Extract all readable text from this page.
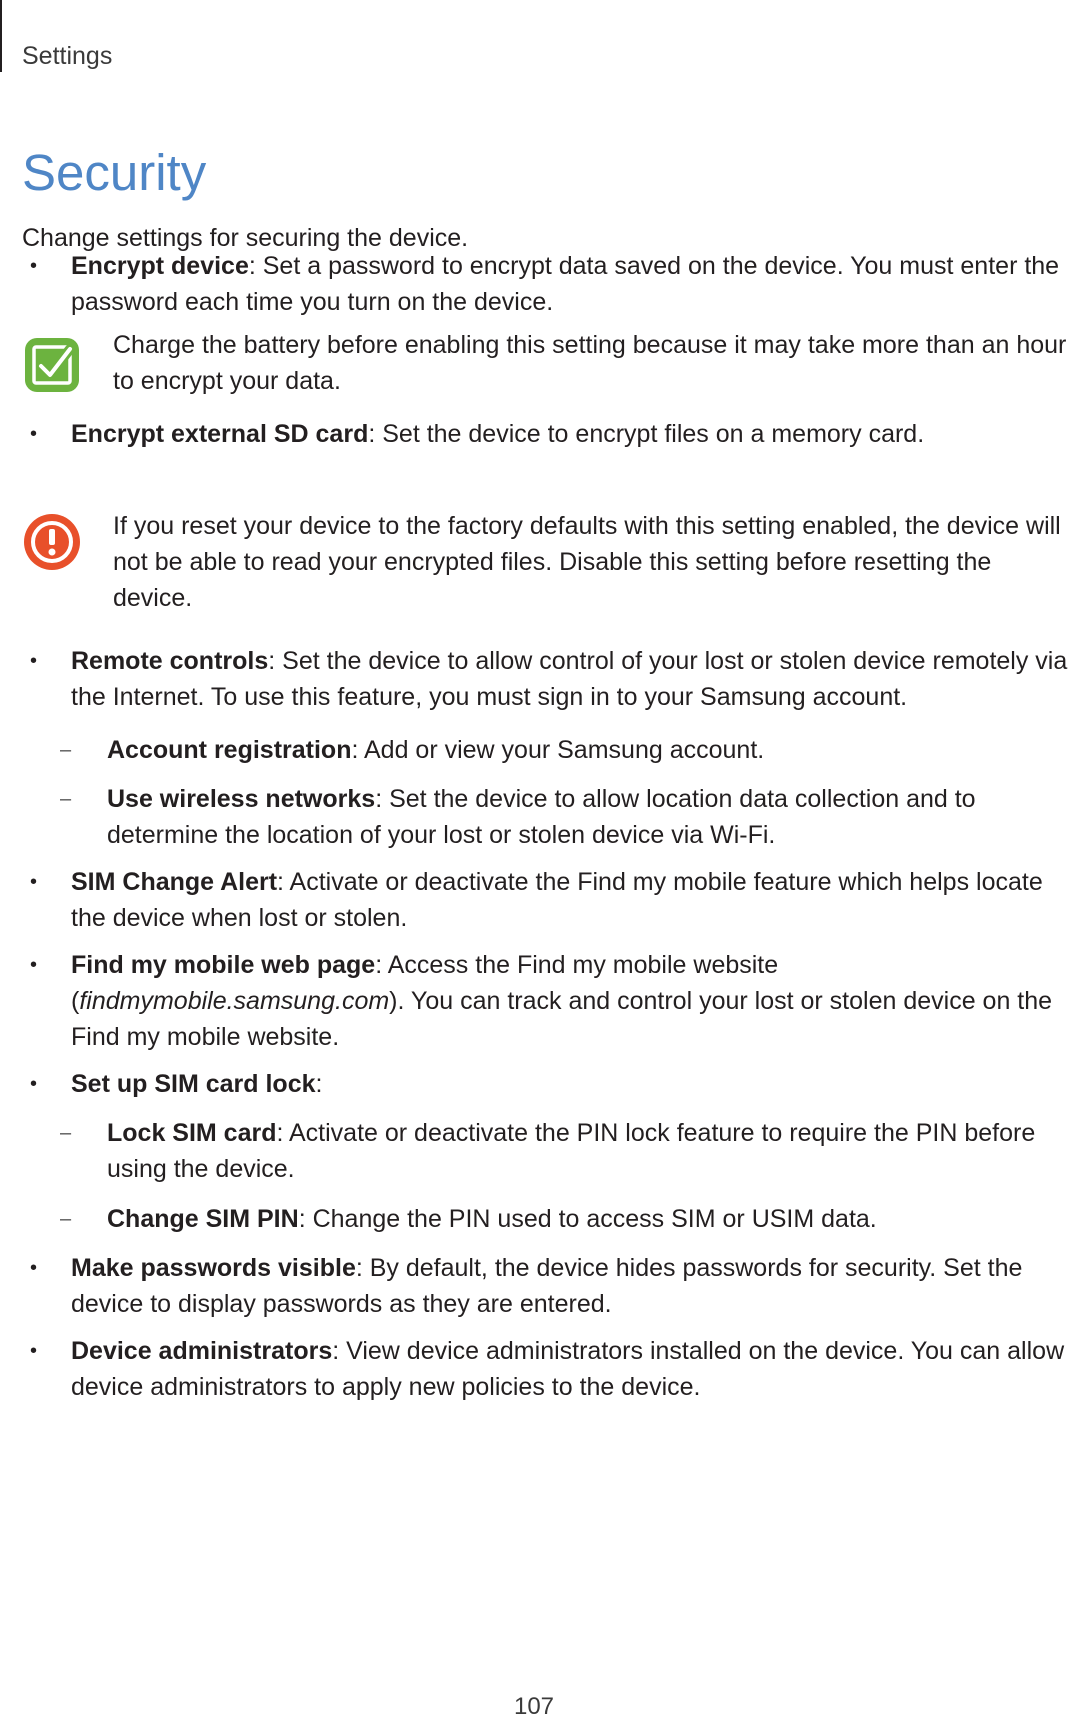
Settings
Security
Change settings for securing the device.
• Encrypt device: Set a password to encrypt data saved on the device. You must enter the password each time you turn on the device.
Charge the battery before enabling this setting because it may take more than an hour to encrypt your data.
• Encrypt external SD card: Set the device to encrypt files on a memory card.
If you reset your device to the factory defaults with this setting enabled, the device will not be able to read your encrypted files. Disable this setting before resetting the device.
• Remote controls: Set the device to allow control of your lost or stolen device remotely via the Internet. To use this feature, you must sign in to your Samsung account.
– Account registration: Add or view your Samsung account.
– Use wireless networks: Set the device to allow location data collection and to determine the location of your lost or stolen device via Wi-Fi.
• SIM Change Alert: Activate or deactivate the Find my mobile feature which helps locate the device when lost or stolen.
• Find my mobile web page: Access the Find my mobile website (findmymobile.samsung.com). You can track and control your lost or stolen device on the Find my mobile website.
• Set up SIM card lock:
– Lock SIM card: Activate or deactivate the PIN lock feature to require the PIN before using the device.
– Change SIM PIN: Change the PIN used to access SIM or USIM data.
• Make passwords visible: By default, the device hides passwords for security. Set the device to display passwords as they are entered.
• Device administrators: View device administrators installed on the device. You can allow device administrators to apply new policies to the device.
107
